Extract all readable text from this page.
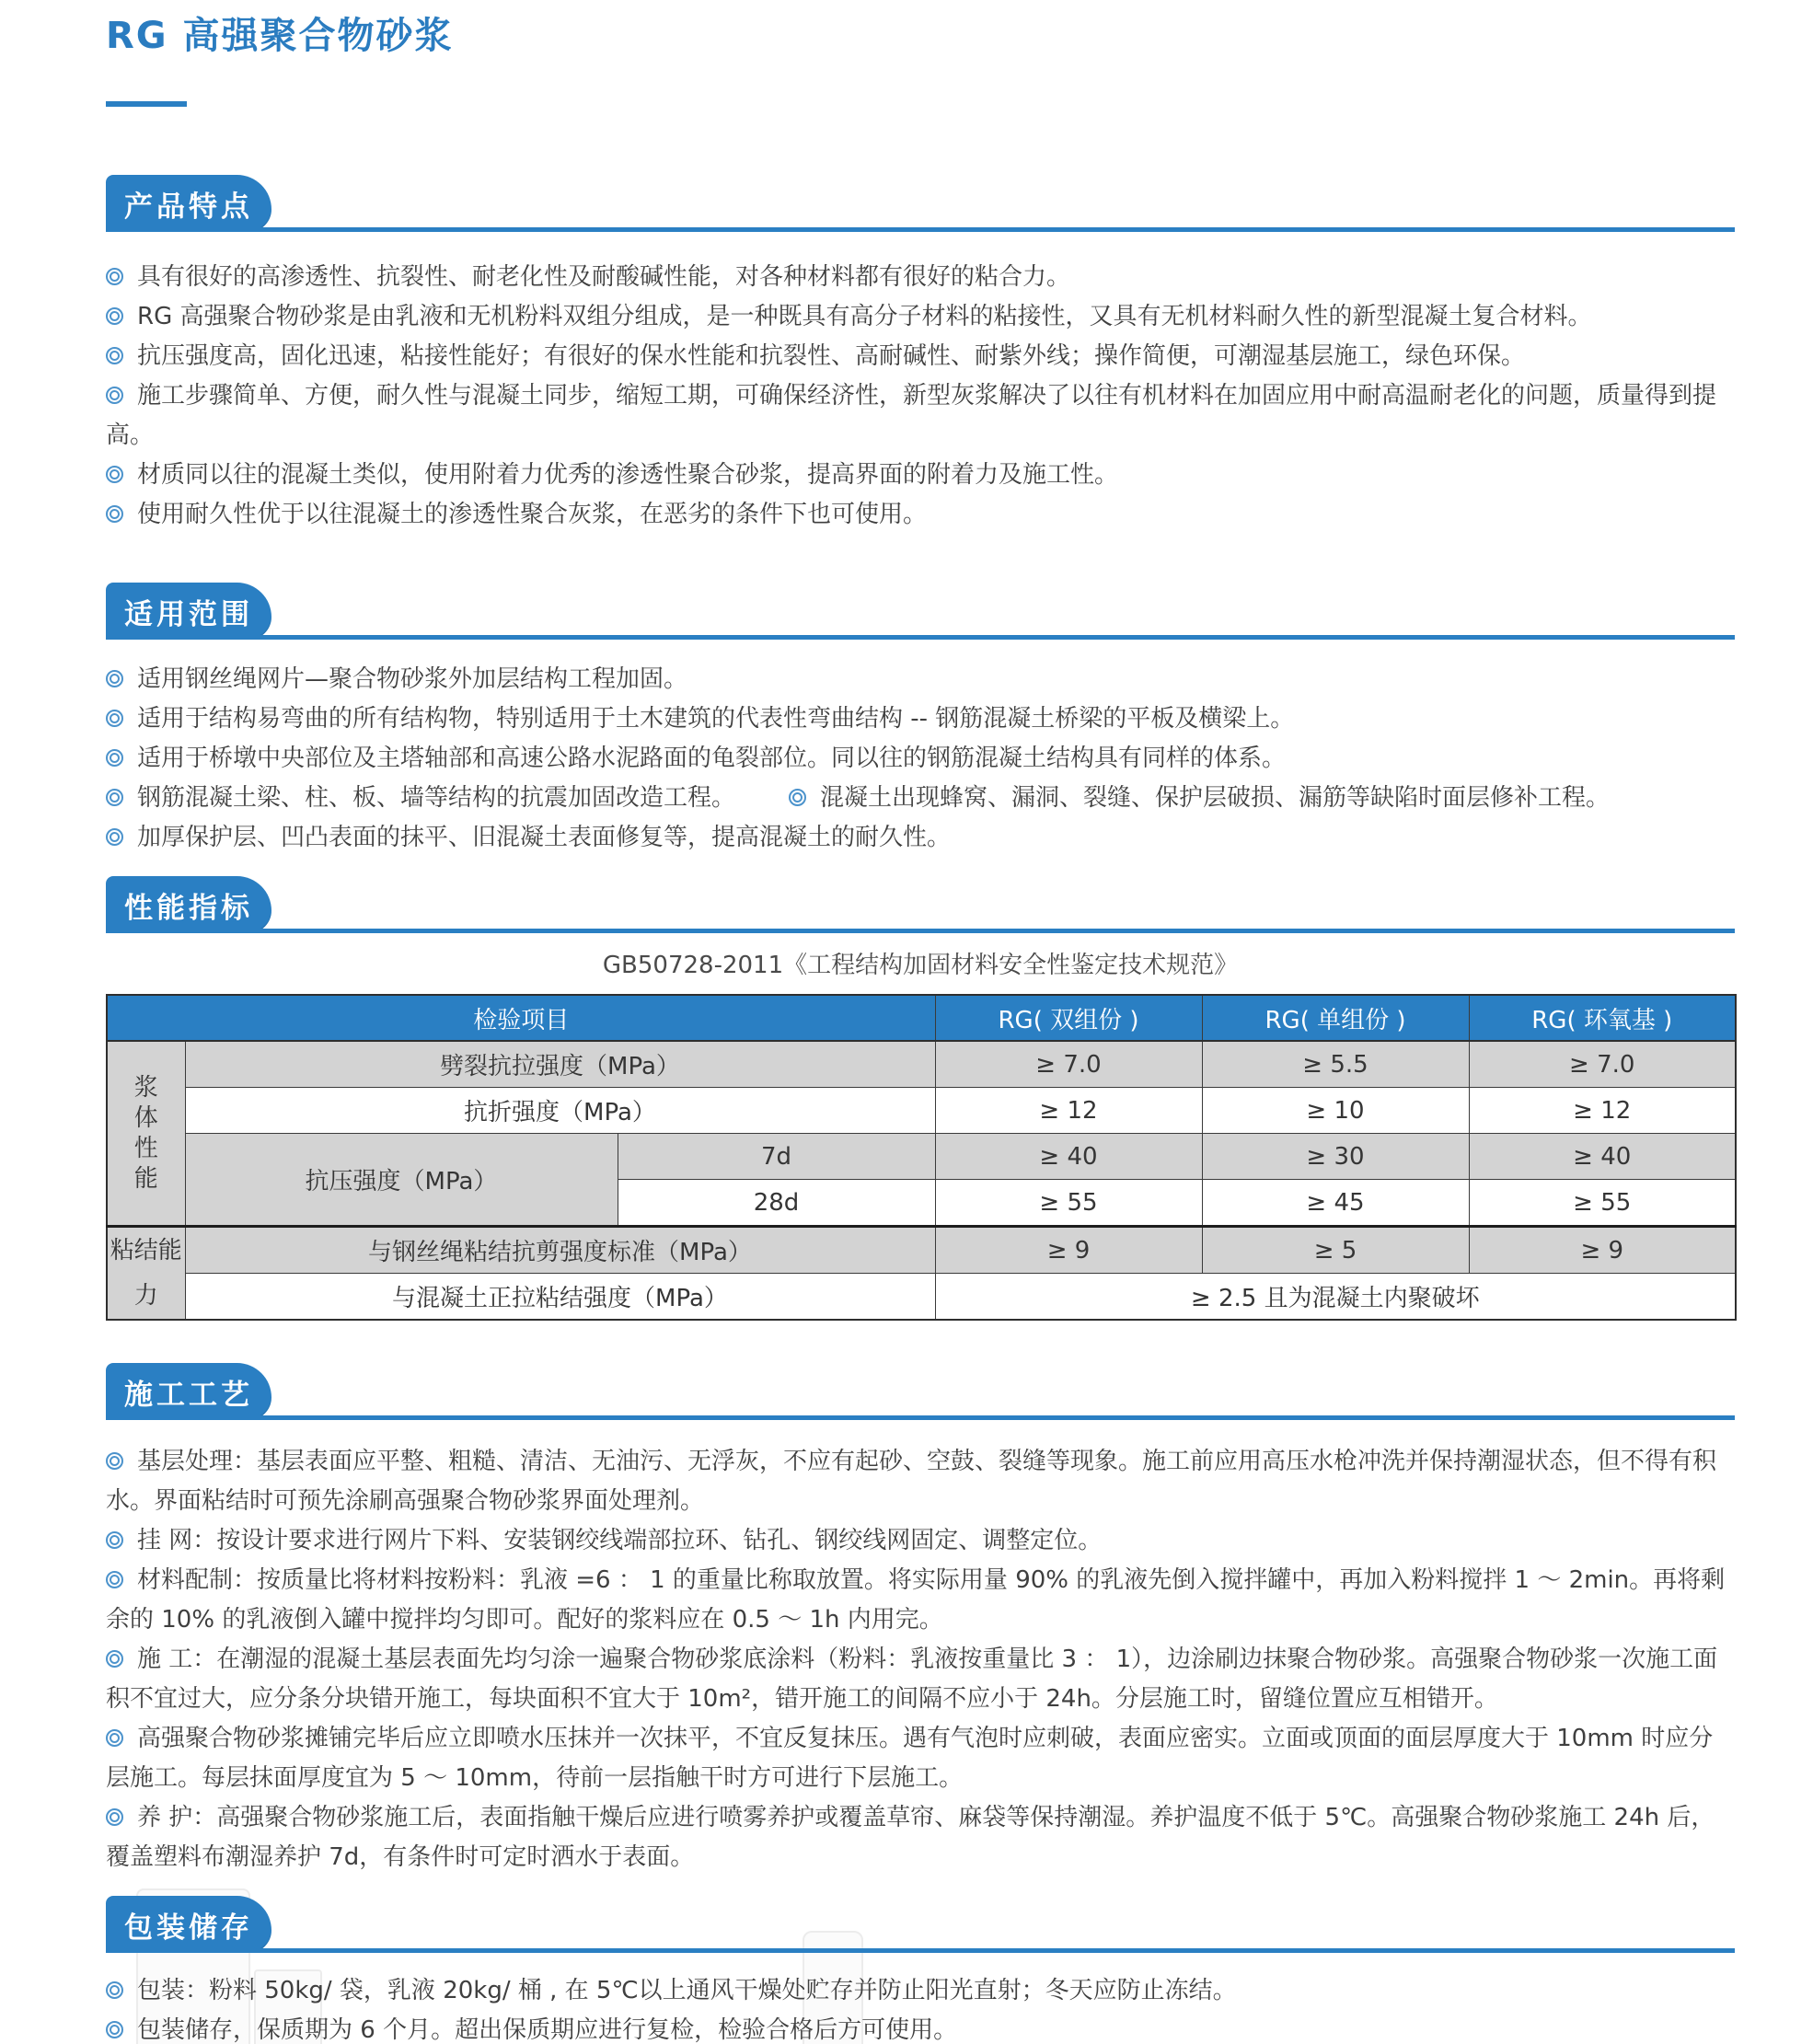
RG 高强聚合物砂浆
产品特点

具有很好的高渗透性、抗裂性、耐老化性及耐酸碱性能，对各种材料都有很好的粘合力。

RG 高强聚合物砂浆是由乳液和无机粉料双组分组成，是一种既具有高分子材料的粘接性，又具有无机材料耐久性的新型混凝土复合材料。

抗压强度高，固化迅速，粘接性能好；有很好的保水性能和抗裂性、高耐碱性、耐紫外线；操作简便，可潮湿基层施工，绿色环保。

施工步骤简单、方便，耐久性与混凝土同步，缩短工期，可确保经济性，新型灰浆解决了以往有机材料在加固应用中耐高温耐老化的问题，质量得到提高。

材质同以往的混凝土类似，使用附着力优秀的渗透性聚合砂浆，提高界面的附着力及施工性。

使用耐久性优于以往混凝土的渗透性聚合灰浆，在恶劣的条件下也可使用。

适用范围

适用钢丝绳网片—聚合物砂浆外加层结构工程加固。

适用于结构易弯曲的所有结构物，特别适用于土木建筑的代表性弯曲结构 -- 钢筋混凝土桥梁的平板及横梁上。

适用于桥墩中央部位及主塔轴部和高速公路水泥路面的龟裂部位。同以往的钢筋混凝土结构具有同样的体系。

钢筋混凝土梁、柱、板、墙等结构的抗震加固改造工程。	混凝土出现蜂窝、漏洞、裂缝、保护层破损、漏筋等缺陷时面层修补工程。

加厚保护层、凹凸表面的抹平、旧混凝土表面修复等，提高混凝土的耐久性。

性能指标
GB50728-2011《工程结构加固材料安全性鉴定技术规范》
检验项目			RG( 双组份 )	RG( 单组份 )	RG( 环氧基 )

浆
体
性
能	劈裂抗拉强度（MPa）		≥ 7.0	≥ 5.5	≥ 7.0
	抗折强度（MPa）		≥ 12	≥ 10	≥ 12
	抗压强度（MPa）	7d	≥ 40	≥ 30	≥ 40
		28d	≥ 55	≥ 45	≥ 55

粘结能
力	与钢丝绳粘结抗剪强度标准（MPa）		≥ 9	≥ 5	≥ 9
	与混凝土正拉粘结强度（MPa）		≥ 2.5 且为混凝土内聚破坏		
施工工艺

基层处理：基层表面应平整、粗糙、清洁、无油污、无浮灰，不应有起砂、空鼓、裂缝等现象。施工前应用高压水枪冲洗并保持潮湿状态，但不得有积水。界面粘结时可预先涂刷高强聚合物砂浆界面处理剂。

挂 网：按设计要求进行网片下料、安装钢绞线端部拉环、钻孔、钢绞线网固定、调整定位。

材料配制：按质量比将材料按粉料：乳液 =6 ： 1 的重量比称取放置。将实际用量 90% 的乳液先倒入搅拌罐中，再加入粉料搅拌 1 ～ 2min。再将剩余的 10% 的乳液倒入罐中搅拌均匀即可。配好的浆料应在 0.5 ～ 1h 内用完。

施 工：在潮湿的混凝土基层表面先均匀涂一遍聚合物砂浆底涂料（粉料：乳液按重量比 3 ： 1），边涂刷边抹聚合物砂浆。高强聚合物砂浆一次施工面积不宜过大，应分条分块错开施工，每块面积不宜大于 10m²，错开施工的间隔不应小于 24h。分层施工时，留缝位置应互相错开。

高强聚合物砂浆摊铺完毕后应立即喷水压抹并一次抹平，不宜反复抹压。遇有气泡时应刺破，表面应密实。立面或顶面的面层厚度大于 10mm 时应分层施工。每层抹面厚度宜为 5 ～ 10mm，待前一层指触干时方可进行下层施工。

养 护：高强聚合物砂浆施工后，表面指触干燥后应进行喷雾养护或覆盖草帘、麻袋等保持潮湿。养护温度不低于 5℃。高强聚合物砂浆施工 24h 后，覆盖塑料布潮湿养护 7d，有条件时可定时洒水于表面。

包装储存

包装：粉料 50kg/ 袋，乳液 20kg/ 桶 , 在 5℃以上通风干燥处贮存并防止阳光直射；冬天应防止冻结。

包装储存，保质期为 6 个月。超出保质期应进行复检，检验合格后方可使用。
